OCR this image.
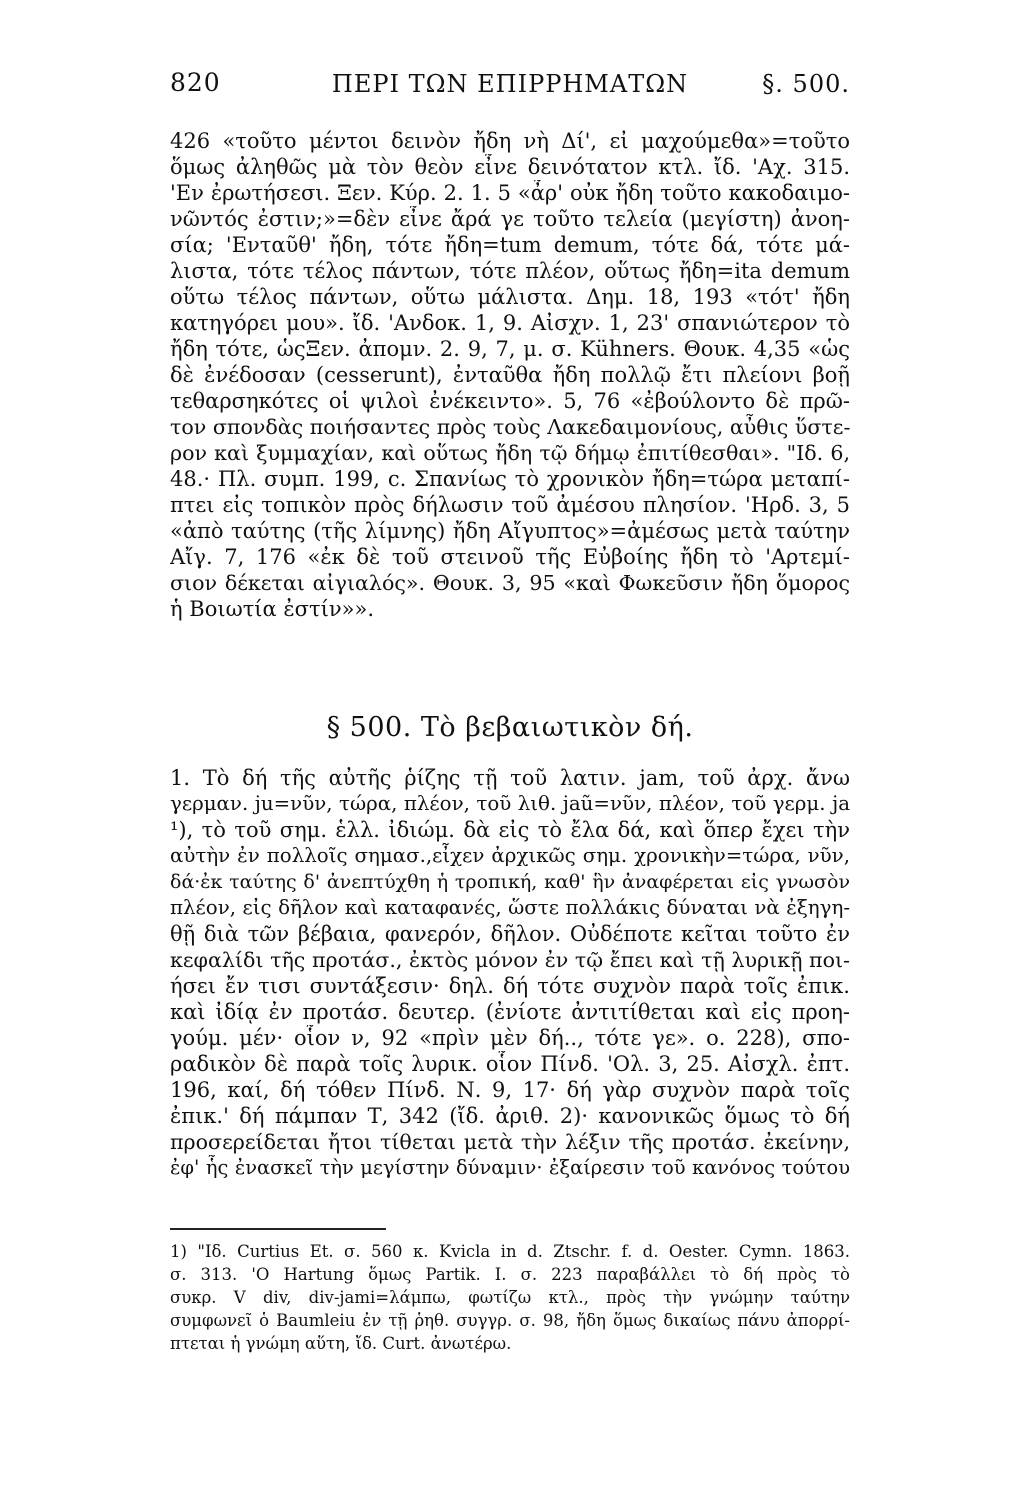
820	ΠΕΡΙ ΤΩΝ ΕΠΙΡΡΗΜΑΤΩΝ	§. 500.
426 «τοῦτο μέντοι δεινὸν ἤδη νὴ Δί', εἰ μαχούμεθα»=τοῦτο
ὅμως ἀληθῶς μὰ τὸν θεὸν εἶνε δεινότατον κτλ. ἴδ. 'Αχ. 315.
'Εν ἐρωτήσεσι. Ξεν. Κύρ. 2. 1. 5 «ἆρ' οὐκ ἤδη τοῦτο κακοδαιμο-
νῶντός ἐστιν;»=δὲν εἶνε ἄρά γε τοῦτο τελεία (μεγίστη) ἀνοη-
σία; 'Ενταῦθ' ἤδη, τότε ἤδη=tum demum, τότε δά, τότε μά-
λιστα, τότε τέλος πάντων, τότε πλέον, οὕτως ἤδη=ita demum
οὕτω τέλος πάντων, οὕτω μάλιστα. Δημ. 18, 193 «τότ' ἤδη
κατηγόρει μου». ἴδ. 'Ανδοκ. 1, 9. Αἰσχν. 1, 23' σπανιώτερον τὸ
ἤδη τότε, ὡςΞεν. ἀπομν. 2. 9, 7, μ. σ. Kühners. Θουκ. 4,35 «ὡς
δὲ ἐνέδοσαν (cesserunt), ἐνταῦθα ἤδη πολλῷ ἔτι πλείονι βοῇ
τεθαρσηκότες οἱ ψιλοὶ ἐνέκειντο». 5, 76 «ἐβούλοντο δὲ πρῶ-
τον σπονδὰς ποιήσαντες πρὸς τοὺς Λακεδαιμονίους, αὖθις ὕστε-
ρον καὶ ξυμμαχίαν, καὶ οὕτως ἤδη τῷ δήμῳ ἐπιτίθεσθαι». "Ιδ. 6,
48.· Πλ. συμπ. 199, c. Σπανίως τὸ χρονικὸν ἤδη=τώρα μεταπί-
πτει εἰς τοπικὸν πρὸς δήλωσιν τοῦ ἀμέσου πλησίον. 'Ηρδ. 3, 5
«ἀπὸ ταύτης (τῆς λίμνης) ἤδη Αἴγυπτος»=ἀμέσως μετὰ ταύτην
Αἴγ. 7, 176 «ἐκ δὲ τοῦ στεινοῦ τῆς Εὐβοίης ἤδη τὸ 'Αρτεμί-
σιον δέκεται αἰγιαλός». Θουκ. 3, 95 «καὶ Φωκεῦσιν ἤδη ὅμορος
ἡ Βοιωτία ἐστίν»».
§ 500. Τὸ βεβαιωτικὸν δή.
1. Τὸ δή τῆς αὐτῆς ῥίζης τῇ τοῦ λατιν. jam, τοῦ ἀρχ. ἄνω
γερμαν. ju=νῦν, τώρα, πλέον, τοῦ λιθ. jaũ=νῦν, πλέον, τοῦ γερμ. ja
¹), τὸ τοῦ σημ. ἑλλ. ἰδιώμ. δὰ εἰς τὸ ἔλα δά, καὶ ὅπερ ἔχει τὴν
αὐτὴν ἐν πολλοῖς σημασ.,εἶχεν ἀρχικῶς σημ. χρονικὴν=τώρα, νῦν,
δά·ἐκ ταύτης δ' ἀνεπτύχθη ἡ τροπική, καθ' ἣν ἀναφέρεται εἰς γνωσὸν
πλέον, εἰς δῆλον καὶ καταφανές, ὥστε πολλάκις δύναται νὰ ἐξηγη-
θῇ διὰ τῶν βέβαια, φανερόν, δῆλον. Οὐδέποτε κεῖται τοῦτο ἐν
κεφαλίδι τῆς προτάσ., ἐκτὸς μόνον ἐν τῷ ἔπει καὶ τῇ λυρικῇ ποι-
ήσει ἔν τισι συντάξεσιν· δηλ. δή τότε συχνὸν παρὰ τοῖς ἐπικ.
καὶ ἰδίᾳ ἐν προτάσ. δευτερ. (ἐνίοτε ἀντιτίθεται καὶ εἰς προη-
γούμ. μέν· οἷον ν, 92 «πρὶν μὲν δή.., τότε γε». ο. 228), σπο-
ραδικὸν δὲ παρὰ τοῖς λυρικ. οἷον Πίνδ. 'Ολ. 3, 25. Αἰσχλ. ἐπτ.
196, καί, δή τόθεν Πίνδ. Ν. 9, 17· δή γὰρ συχνὸν παρὰ τοῖς
ἐπικ.' δή πάμπαν Τ, 342 (ἴδ. ἀριθ. 2)· κανονικῶς ὅμως τὸ δή
προσερείδεται ἤτοι τίθεται μετὰ τὴν λέξιν τῆς προτάσ. ἐκείνην,
ἐφ' ἧς ἐνασκεῖ τὴν μεγίστην δύναμιν· ἐξαίρεσιν τοῦ κανόνος τούτου
1) "Ιδ. Curtius Et. σ. 560 κ. Kvicla in d. Ztschr. f. d. Oester. Cymn. 1863.
σ. 313. 'Ο Hartung ὅμως Partik. I. σ. 223 παραβάλλει τὸ δή πρὸς τὸ
συκρ. V div, div-jami=λάμπω, φωτίζω κτλ., πρὸς τὴν γνώμην ταύτην
συμφωνεῖ ὁ Baumleiu ἐν τῇ ῥηθ. συγγρ. σ. 98, ἤδη ὅμως δικαίως πάνυ ἀπορρί-
πτεται ἡ γνώμη αὕτη, ἴδ. Curt. ἀνωτέρω.
